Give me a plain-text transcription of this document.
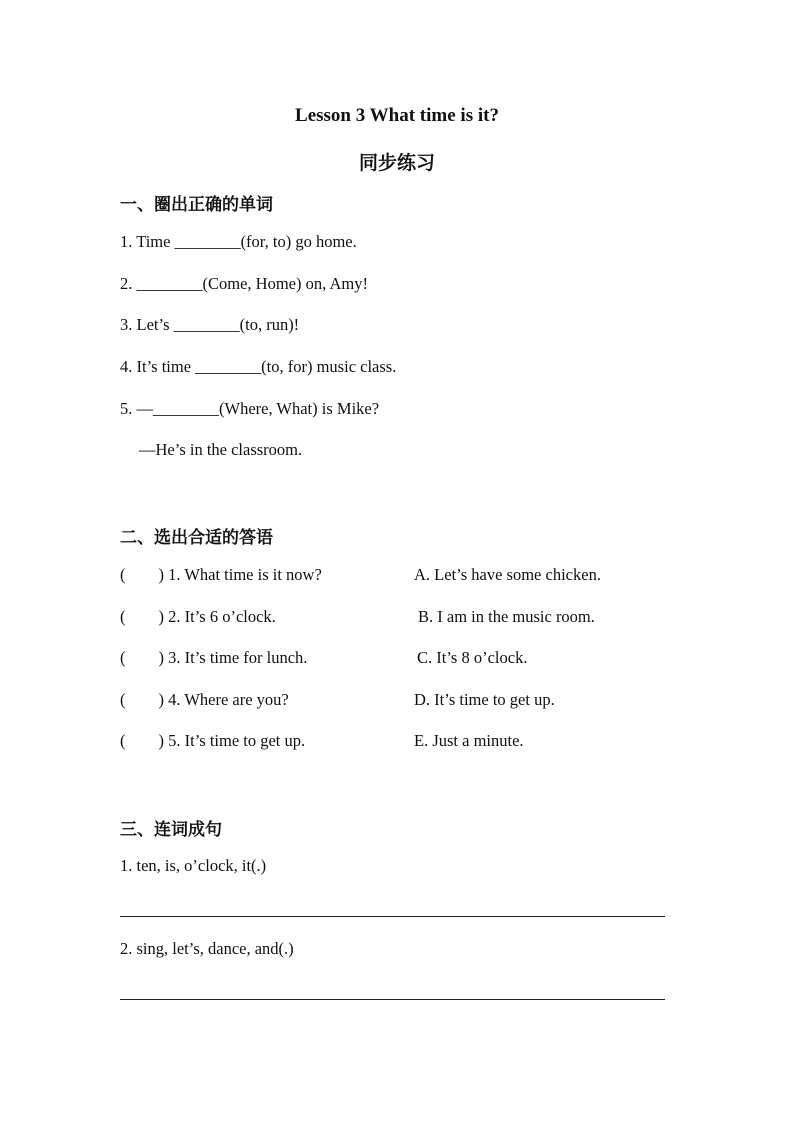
Lesson 3 What time is it?
同步练习
一、圈出正确的单词
1. Time ________(for, to) go home.
2. ________(Come, Home) on, Amy!
3. Let’s ________(to, run)!
4. It’s time ________(to, for) music class.
5. —________(Where, What) is Mike?
—He’s in the classroom.
二、选出合适的答语
(        ) 1. What time is it now?	A. Let’s have some chicken.
(        ) 2. It’s 6 o’clock.	B. I am in the music room.
(        ) 3. It’s time for lunch.	C. It’s 8 o’clock.
(        ) 4. Where are you?	D. It’s time to get up.
(        ) 5. It’s time to get up.	E. Just a minute.
三、连词成句
1. ten, is, o’clock, it(.)
2. sing, let’s, dance, and(.)
